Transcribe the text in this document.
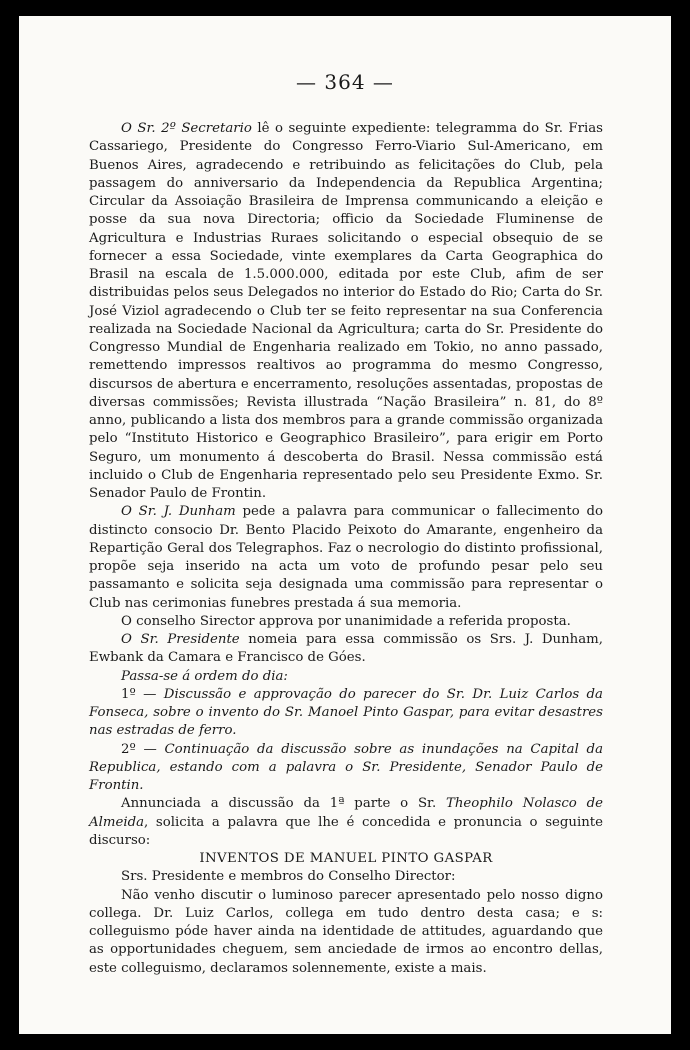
— 364 —

O Sr. 2º Secretario lê o seguinte expediente: telegramma do Sr. Frias Cassariego, Presidente do Congresso Ferro-Viario Sul-Americano, em Buenos Aires, agradecendo e retribuindo as felicitações do Club, pela passagem do anniversario da Independencia da Republica Argentina; Circular da Assoiação Brasileira de Imprensa communicando a eleição e posse da sua nova Directoria; officio da Sociedade Fluminense de Agricultura e Industrias Ruraes solicitando o especial obsequio de se fornecer a essa Sociedade, vinte exemplares da Carta Geographica do Brasil na escala de 1.5.000.000, editada por este Club, afim de ser distribuidas pelos seus Delegados no interior do Estado do Rio; Carta do Sr. José Viziol agradecendo o Club ter se feito representar na sua Conferencia realizada na Sociedade Nacional da Agricultura; carta do Sr. Presidente do Congresso Mundial de Engenharia realizado em Tokio, no anno passado, remettendo impressos realtivos ao programma do mesmo Congresso, discursos de abertura e encerramento, resoluções assentadas, propostas de diversas commissões; Revista illustrada “Nação Brasileira” n. 81, do 8º anno, publicando a lista dos membros para a grande commissão organizada pelo “Instituto Historico e Geographico Brasileiro”, para erigir em Porto Seguro, um monumento á descoberta do Brasil. Nessa commissão está incluido o Club de Engenharia representado pelo seu Presidente Exmo. Sr. Senador Paulo de Frontin.

O Sr. J. Dunham pede a palavra para communicar o fallecimento do distincto consocio Dr. Bento Placido Peixoto do Amarante, engenheiro da Repartição Geral dos Telegraphos. Faz o necrologio do distinto profissional, propõe seja inserido na acta um voto de profundo pesar pelo seu passamanto e solicita seja designada uma commissão para representar o Club nas cerimonias funebres prestada á sua memoria.

O conselho Sirector approva por unanimidade a referida proposta.

O Sr. Presidente nomeia para essa commissão os Srs. J. Dunham, Ewbank da Camara e Francisco de Góes.

Passa-se á ordem do dia:

1º — Discussão e approvação do parecer do Sr. Dr. Luiz Carlos da Fonseca, sobre o invento do Sr. Manoel Pinto Gaspar, para evitar desastres nas estradas de ferro.

2º — Continuação da discussão sobre as inundações na Capital da Republica, estando com a palavra o Sr. Presidente, Senador Paulo de Frontin.

Annunciada a discussão da 1ª parte o Sr. Theophilo Nolasco de Almeida, solicita a palavra que lhe é concedida e pronuncia o seguinte discurso:

INVENTOS DE MANUEL PINTO GASPAR

Srs. Presidente e membros do Conselho Director:

Não venho discutir o luminoso parecer apresentado pelo nosso digno collega. Dr. Luiz Carlos, collega em tudo dentro desta casa; e s: colleguismo póde haver ainda na identidade de attitudes, aguardando que as opportunidades cheguem, sem anciedade de irmos ao encontro dellas, este colleguismo, declaramos solennemente, existe a mais.
